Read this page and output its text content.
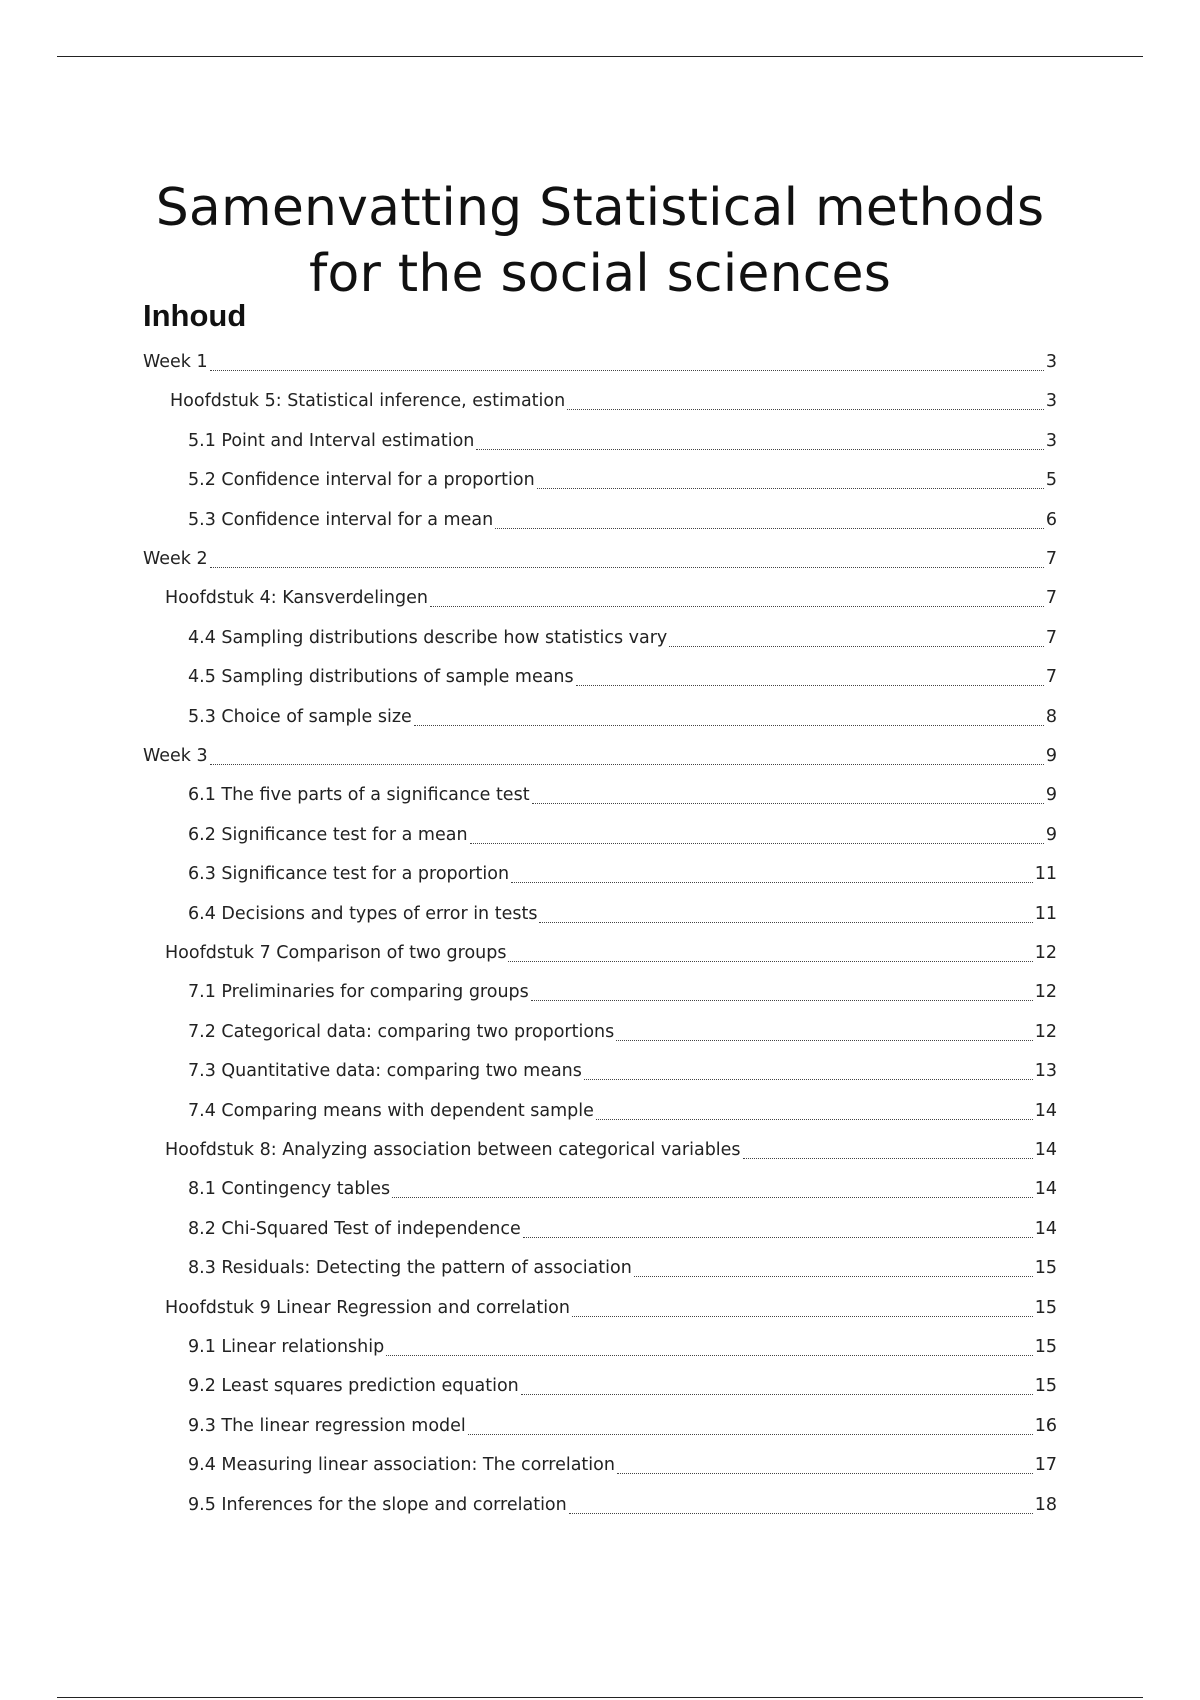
Samenvatting Statistical methods for the social sciences
Inhoud
Week 1	3
Hoofdstuk 5: Statistical inference, estimation	3
5.1 Point and Interval estimation	3
5.2 Confidence interval for a proportion	5
5.3 Confidence interval for a mean	6
Week 2	7
Hoofdstuk 4: Kansverdelingen	7
4.4 Sampling distributions describe how statistics vary	7
4.5 Sampling distributions of sample means	7
5.3 Choice of sample size	8
Week 3	9
6.1 The five parts of a significance test	9
6.2 Significance test for a mean	9
6.3 Significance test for a proportion	11
6.4 Decisions and types of error in tests	11
Hoofdstuk 7 Comparison of two groups	12
7.1 Preliminaries for comparing groups	12
7.2 Categorical data: comparing two proportions	12
7.3 Quantitative data: comparing two means	13
7.4 Comparing means with dependent sample	14
Hoofdstuk 8: Analyzing association between categorical variables	14
8.1 Contingency tables	14
8.2 Chi-Squared Test of independence	14
8.3 Residuals: Detecting the pattern of association	15
Hoofdstuk 9 Linear Regression and correlation	15
9.1 Linear relationship	15
9.2 Least squares prediction equation	15
9.3 The linear regression model	16
9.4 Measuring linear association: The correlation	17
9.5 Inferences for the slope and correlation	18
